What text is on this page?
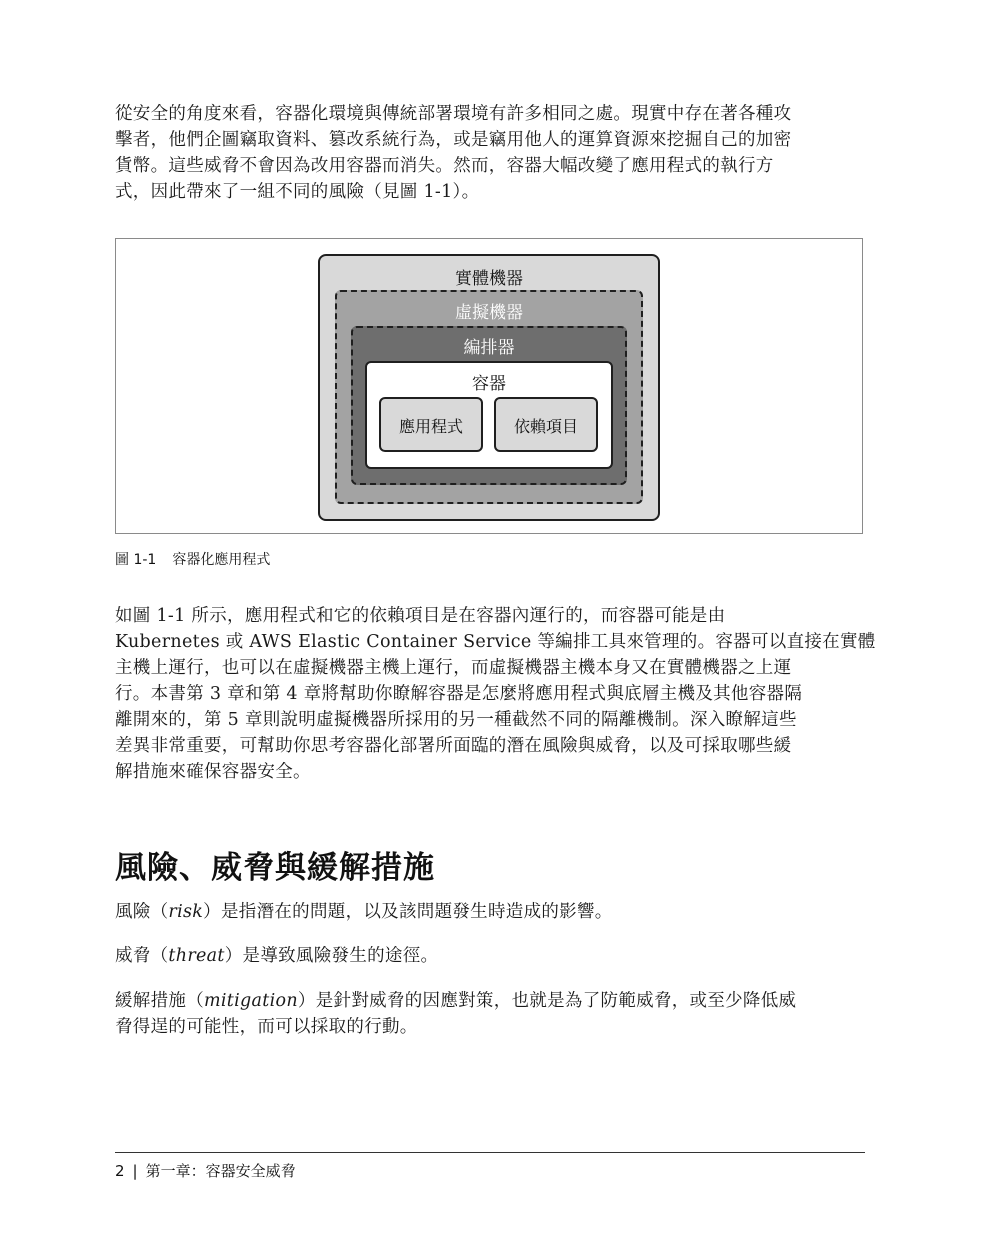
從安全的角度來看，容器化環境與傳統部署環境有許多相同之處。現實中存在著各種攻
擊者，他們企圖竊取資料、篡改系統行為，或是竊用他人的運算資源來挖掘自己的加密
貨幣。這些威脅不會因為改用容器而消失。然而，容器大幅改變了應用程式的執行方
式，因此帶來了一組不同的風險（見圖 1-1）。
實體機器
虛擬機器
編排器
容器
應用程式	依賴項目
圖 1-1 容器化應用程式
如圖 1-1 所示，應用程式和它的依賴項目是在容器內運行的，而容器可能是由
Kubernetes 或 AWS Elastic Container Service 等編排工具來管理的。容器可以直接在實體
主機上運行，也可以在虛擬機器主機上運行，而虛擬機器主機本身又在實體機器之上運
行。本書第 3 章和第 4 章將幫助你瞭解容器是怎麼將應用程式與底層主機及其他容器隔
離開來的，第 5 章則說明虛擬機器所採用的另一種截然不同的隔離機制。深入瞭解這些
差異非常重要，可幫助你思考容器化部署所面臨的潛在風險與威脅，以及可採取哪些緩
解措施來確保容器安全。
風險、威脅與緩解措施

風險（risk）是指潛在的問題，以及該問題發生時造成的影響。

威脅（threat）是導致風險發生的途徑。

緩解措施（mitigation）是針對威脅的因應對策，也就是為了防範威脅，或至少降低威
脅得逞的可能性，而可以採取的行動。

2 | 第一章：容器安全威脅
